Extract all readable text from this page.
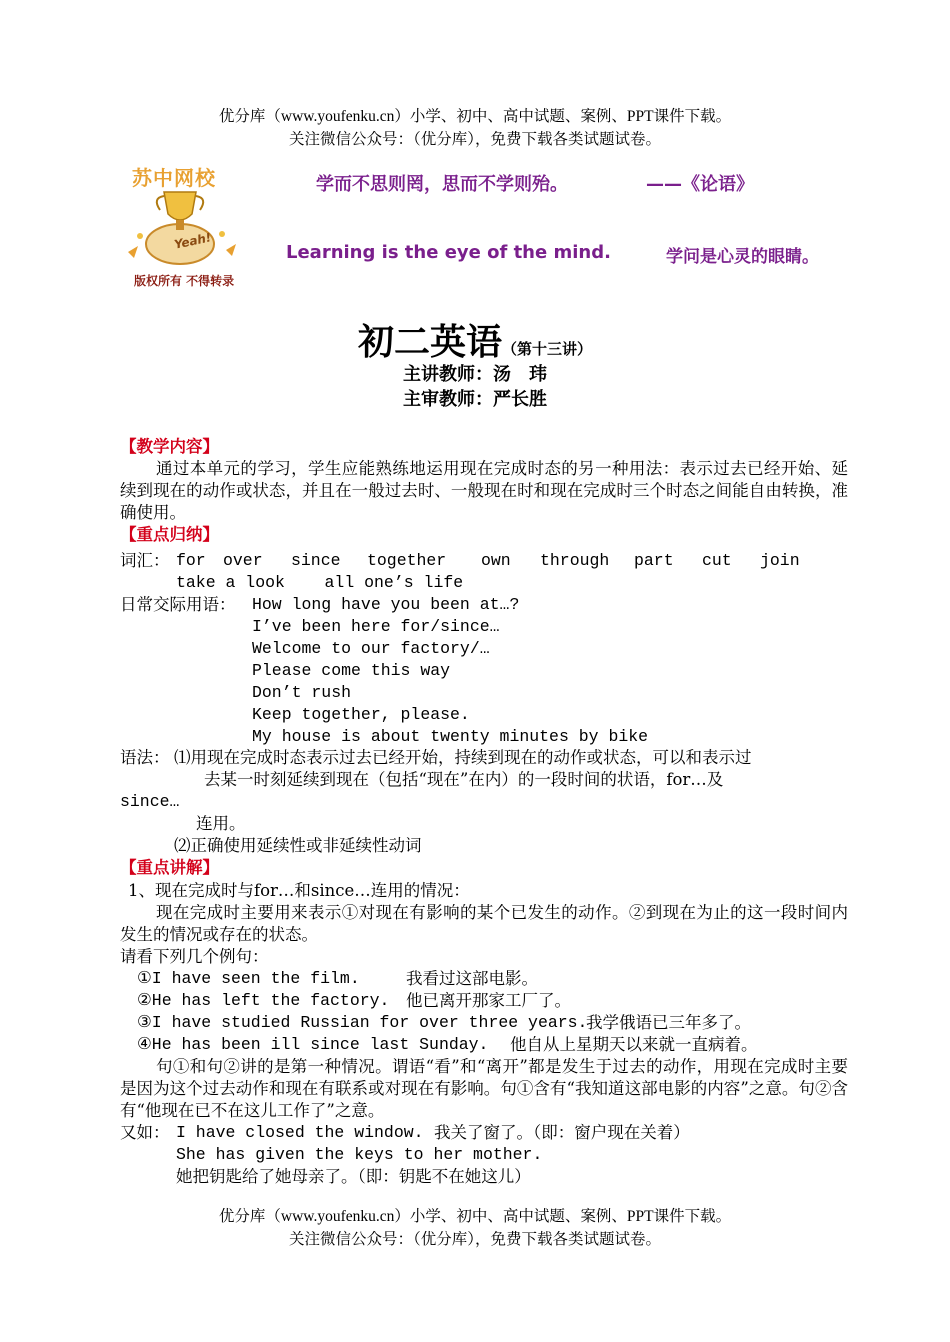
优分库（www.youfenku.cn）小学、初中、高中试题、案例、PPT课件下载。
关注微信公众号：（优分库），免费下载各类试题试卷。
苏中网校
Yeah!
版权所有 不得转录
学而不思则罔，思而不学则殆。	——《论语》
Learning is the eye of the mind.	学问是心灵的眼睛。
初二英语（第十三讲）
主讲教师：汤　玮
主审教师：严长胜
【教学内容】
通过本单元的学习，学生应能熟练地运用现在完成时态的另一种用法：表示过去已经开始、延续到现在的动作或状态，并且在一般过去时、一般现在时和现在完成时三个时态之间能自由转换，准确使用。
【重点归纳】
词汇： for over since together own through part cut join
take a look    all one’s life
日常交际用语： How long have you been at…?
I’ve been here for/since…
Welcome to our factory/…
Please come this way
Don’t rush
Keep together, please.
My house is about twenty minutes by bike
语法： ⑴用现在完成时态表示过去已经开始，持续到现在的动作或状态，可以和表示过
去某一时刻延续到现在（包括“现在”在内）的一段时间的状语，for…及
since…
连用。
⑵正确使用延续性或非延续性动词
【重点讲解】
1、现在完成时与for…和since…连用的情况：
现在完成时主要用来表示①对现在有影响的某个已发生的动作。②到现在为止的这一段时间内发生的情况或存在的状态。
请看下列几个例句：
①I have seen the film.	我看过这部电影。
②He has left the factory. 他已离开那家工厂了。
③I have studied Russian for over three years.
我学俄语已三年多了。
④He has been ill since last Sunday. 他自从上星期天以来就一直病着。
句①和句②讲的是第一种情况。谓语“看”和“离开”都是发生于过去的动作，用现在完成时主要是因为这个过去动作和现在有联系或对现在有影响。句①含有“我知道这部电影的内容”之意。句②含有“他现在已不在这儿工作了”之意。
又如： I have closed the window. 我关了窗了。（即：窗户现在关着）
She has given the keys to her mother.
她把钥匙给了她母亲了。（即：钥匙不在她这儿）
优分库（www.youfenku.cn）小学、初中、高中试题、案例、PPT课件下载。
关注微信公众号：（优分库），免费下载各类试题试卷。
